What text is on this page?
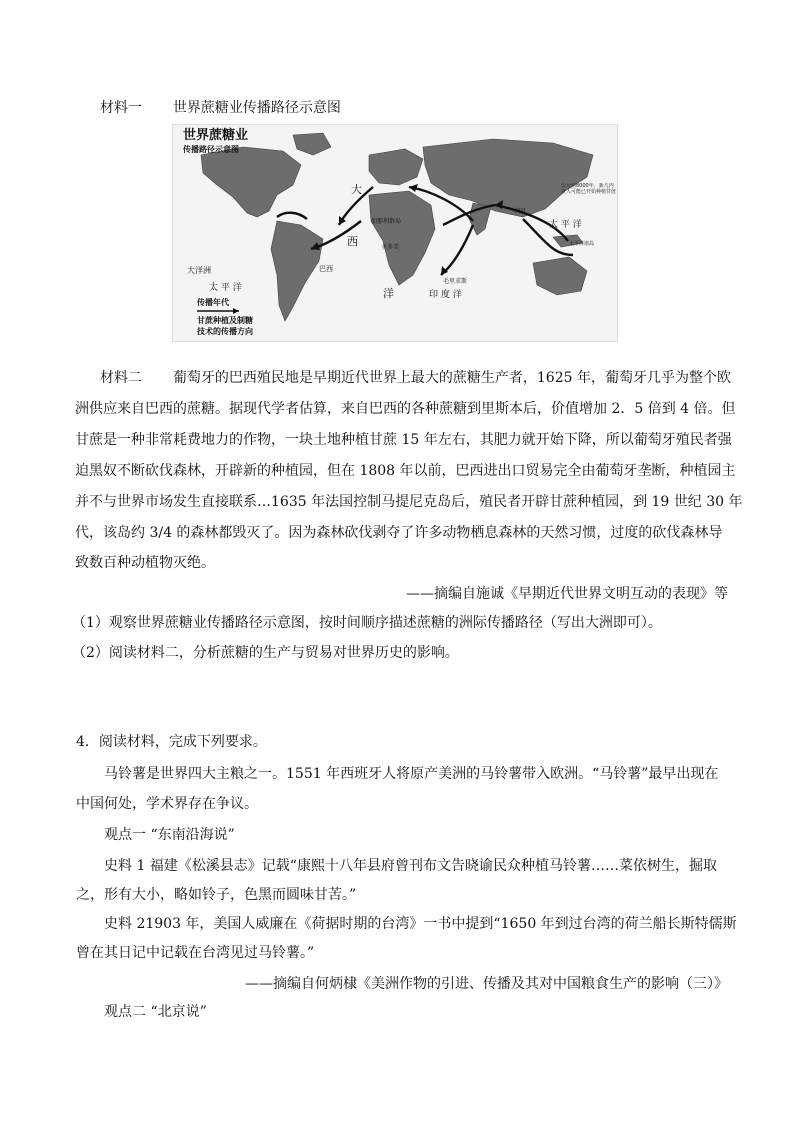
材料一 世界蔗糖业传播路径示意图
世界蔗糖业
传播路径示意图
大
西
洋
大洋洲
太 平 洋
太 平 洋
印 度 洋
巴西
加那利群岛
圣多美
毛里求斯
中国
太平洋诸岛
公元前8000年，新几内亚人可能已开始种植甘蔗
传播年代
甘蔗种植及制糖
技术的传播方向
材料二 葡萄牙的巴西殖民地是早期近代世界上最大的蔗糖生产者，1625 年，葡萄牙几乎为整个欧
洲供应来自巴西的蔗糖。据现代学者估算，来自巴西的各种蔗糖到里斯本后，价值增加 2．5 倍到 4 倍。但
甘蔗是一种非常耗费地力的作物，一块土地种植甘蔗 15 年左右，其肥力就开始下降，所以葡萄牙殖民者强
迫黑奴不断砍伐森林，开辟新的种植园，但在 1808 年以前，巴西进出口贸易完全由葡萄牙垄断，种植园主
并不与世界市场发生直接联系…1635 年法国控制马提尼克岛后，殖民者开辟甘蔗种植园，到 19 世纪 30 年
代，该岛约 3/4 的森林都毁灭了。因为森林砍伐剥夺了许多动物栖息森林的天然习惯，过度的砍伐森林导
致数百种动植物灭绝。
——摘编自施诚《早期近代世界文明互动的表现》等
（1）观察世界蔗糖业传播路径示意图，按时间顺序描述蔗糖的洲际传播路径（写出大洲即可）。
（2）阅读材料二，分析蔗糖的生产与贸易对世界历史的影响。
4．阅读材料，完成下列要求。
马铃薯是世界四大主粮之一。1551 年西班牙人将原产美洲的马铃薯带入欧洲。“马铃薯”最早出现在
中国何处，学术界存在争议。
观点一 “东南沿海说”
史料 1 福建《松溪县志》记载“康熙十八年县府曾刊布文告晓谕民众种植马铃薯……菜依树生，掘取
之，形有大小，略如铃子，色黑而圆味甘苦。”
史料 21903 年，美国人威廉在《荷据时期的台湾》一书中提到“1650 年到过台湾的荷兰船长斯特儒斯
曾在其日记中记载在台湾见过马铃薯。”
——摘编自何炳棣《美洲作物的引进、传播及其对中国粮食生产的影响（三）》
观点二 “北京说”
